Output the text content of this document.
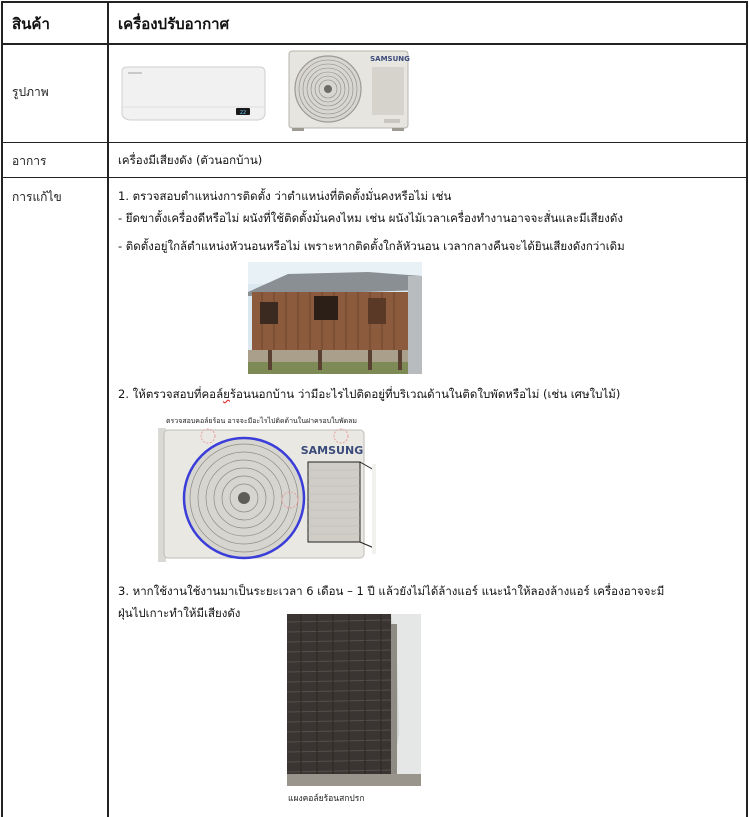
สินค้า	เครื่องปรับอากาศ
รูปภาพ
22
SAMSUNG
อาการ	เครื่องมีเสียงดัง (ตัวนอกบ้าน)
การแก้ไข	1. ตรวจสอบตำแหน่งการติดตั้ง ว่าตำแหน่งที่ติดตั้งมั่นคงหรือไม่ เช่น
- ยึดขาตั้งเครื่องดีหรือไม่ ผนังที่ใช้ติดตั้งมั่นคงไหม เช่น ผนังไม้เวลาเครื่องทำงานอาจจะสั่นและมีเสียงดัง
- ติดตั้งอยู่ใกล้ตำแหน่งหัวนอนหรือไม่ เพราะหากติดตั้งใกล้หัวนอน เวลากลางคืนจะได้ยินเสียงดังกว่าเดิม
2. ให้ตรวจสอบที่คอล์ยร้อนนอกบ้าน ว่ามีอะไรไปติดอยู่ที่บริเวณด้านในติดใบพัดหรือไม่ (เช่น เศษใบไม้)
ตรวจสอบคอล์ยร้อน อาจจะมีอะไรไปติดด้านในฝาครอบใบพัดลม
SAMSUNG
3. หากใช้งานใช้งานมาเป็นระยะเวลา 6 เดือน – 1 ปี แล้วยังไม่ได้ล้างแอร์ แนะนำให้ลองล้างแอร์ เครื่องอาจจะมี
ฝุ่นไปเกาะทำให้มีเสียงดัง
แผงคอล์ยร้อนสกปรก
